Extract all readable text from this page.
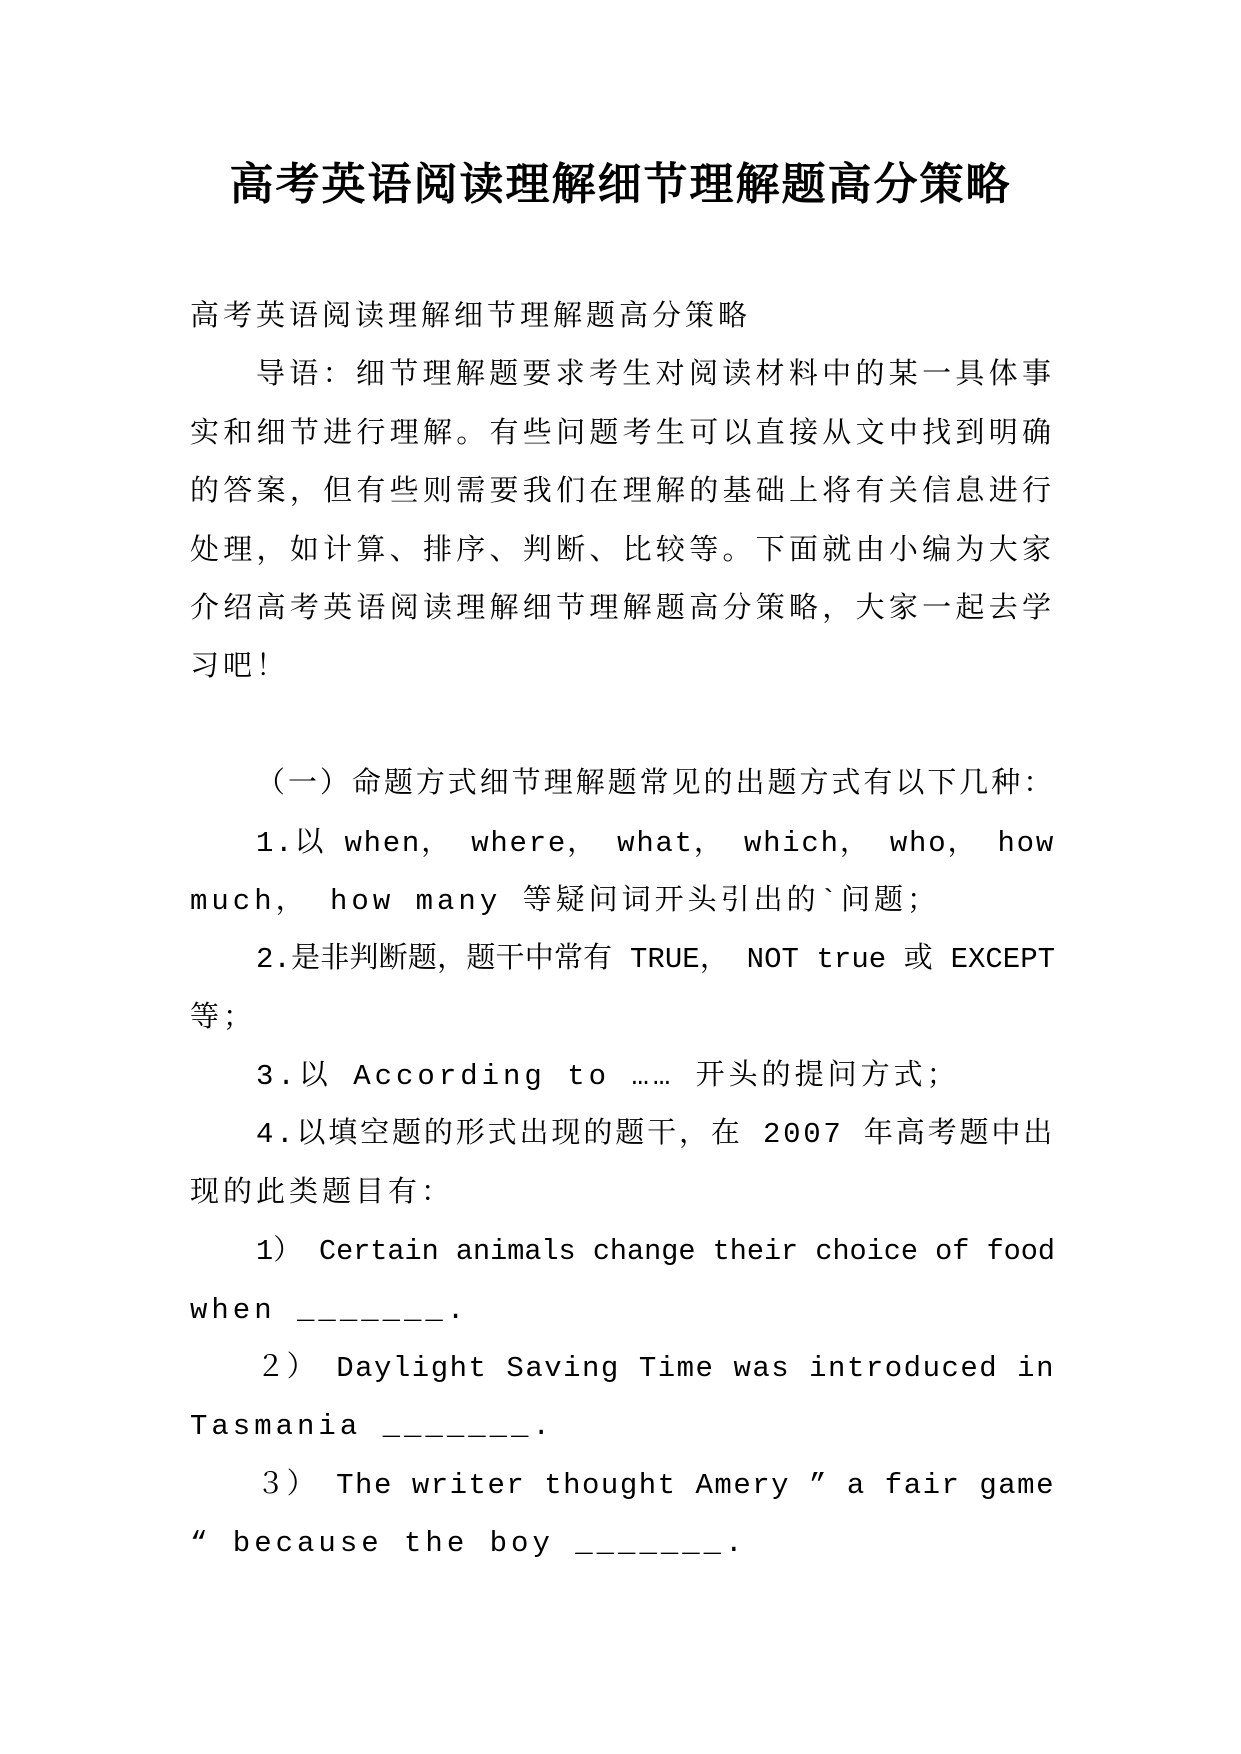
高考英语阅读理解细节理解题高分策略
高考英语阅读理解细节理解题高分策略
导语：细节理解题要求考生对阅读材料中的某一具体事
实和细节进行理解。有些问题考生可以直接从文中找到明确
的答案，但有些则需要我们在理解的基础上将有关信息进行
处理，如计算、排序、判断、比较等。下面就由小编为大家
介绍高考英语阅读理解细节理解题高分策略，大家一起去学
习吧！
（一）命题方式细节理解题常见的出题方式有以下几种：
1.以 when， where， what， which， who， how
much， how many 等疑问词开头引出的`问题；
2.是非判断题，题干中常有 TRUE， NOT true 或 EXCEPT
等；
3.以 According to …… 开头的提问方式；
4.以填空题的形式出现的题干，在 2007 年高考题中出
现的此类题目有：
1） Certain animals change their choice of food
when _______.
２） Daylight Saving Time was introduced in
Tasmania _______.
３） The writer thought Amery ” a fair game
“ because the boy _______.
